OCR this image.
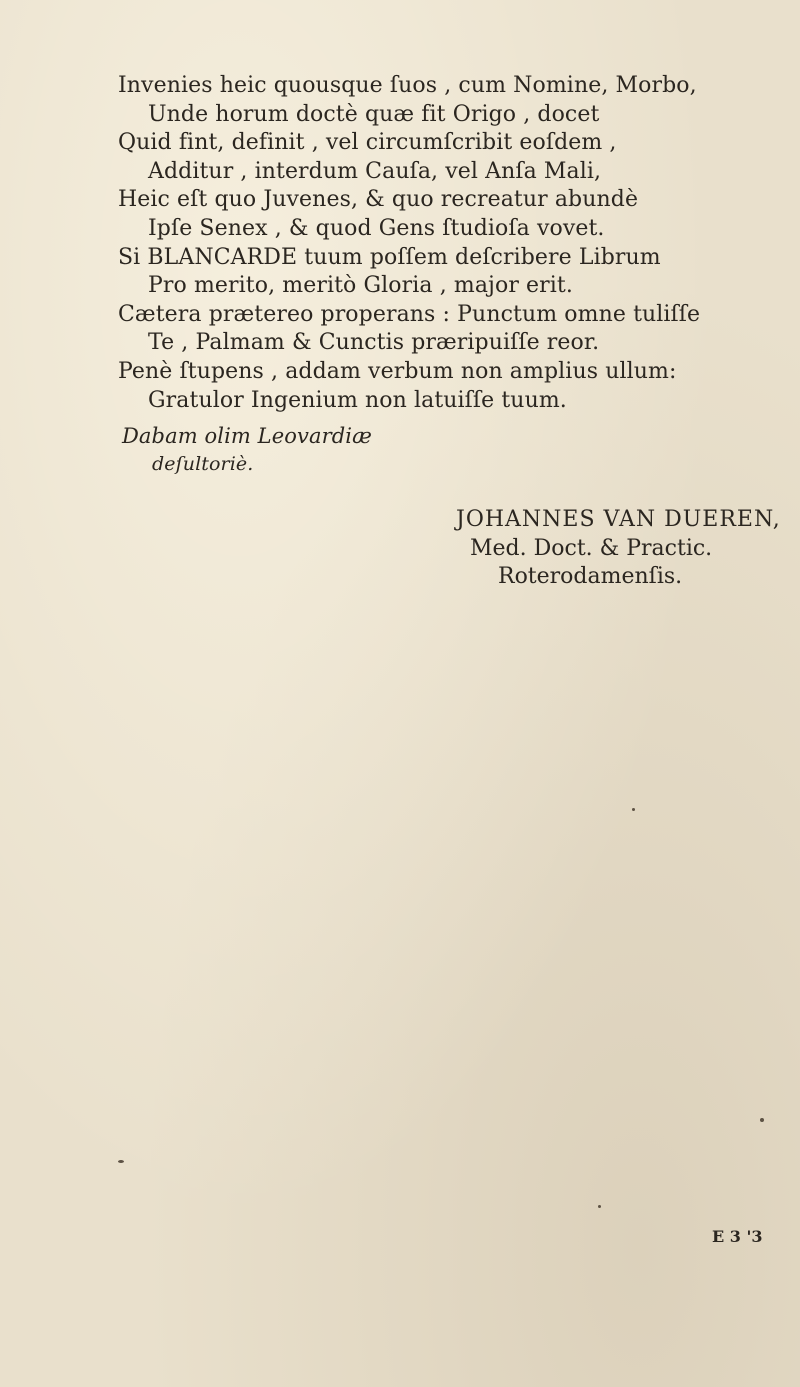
Invenies heic quousque ſuos , cum Nomine, Morbo,
Unde horum doctè quæ fit Origo , docet
Quid fint, definit , vel circumſcribit eoſdem ,
Additur , interdum Cauſa, vel Anſa Mali,
Heic eſt quo Juvenes, & quo recreatur abundè
Ipſe Senex , & quod Gens ſtudioſa vovet.
Si BLANCARDE tuum poſſem deſcribere Librum
Pro merito, meritò Gloria , major erit.
Cætera prætereo properans : Punctum omne tuliſſe
Te , Palmam & Cunctis præripuiſſe reor.
Penè ſtupens , addam verbum non amplius ullum:
Gratulor Ingenium non latuiſſe tuum.
Dabam olim Leovardiæ
deſultoriè.
JOHANNES VAN DUEREN,
Med. Doct. & Practic.
Roterodamenſis.
E 3 '3
